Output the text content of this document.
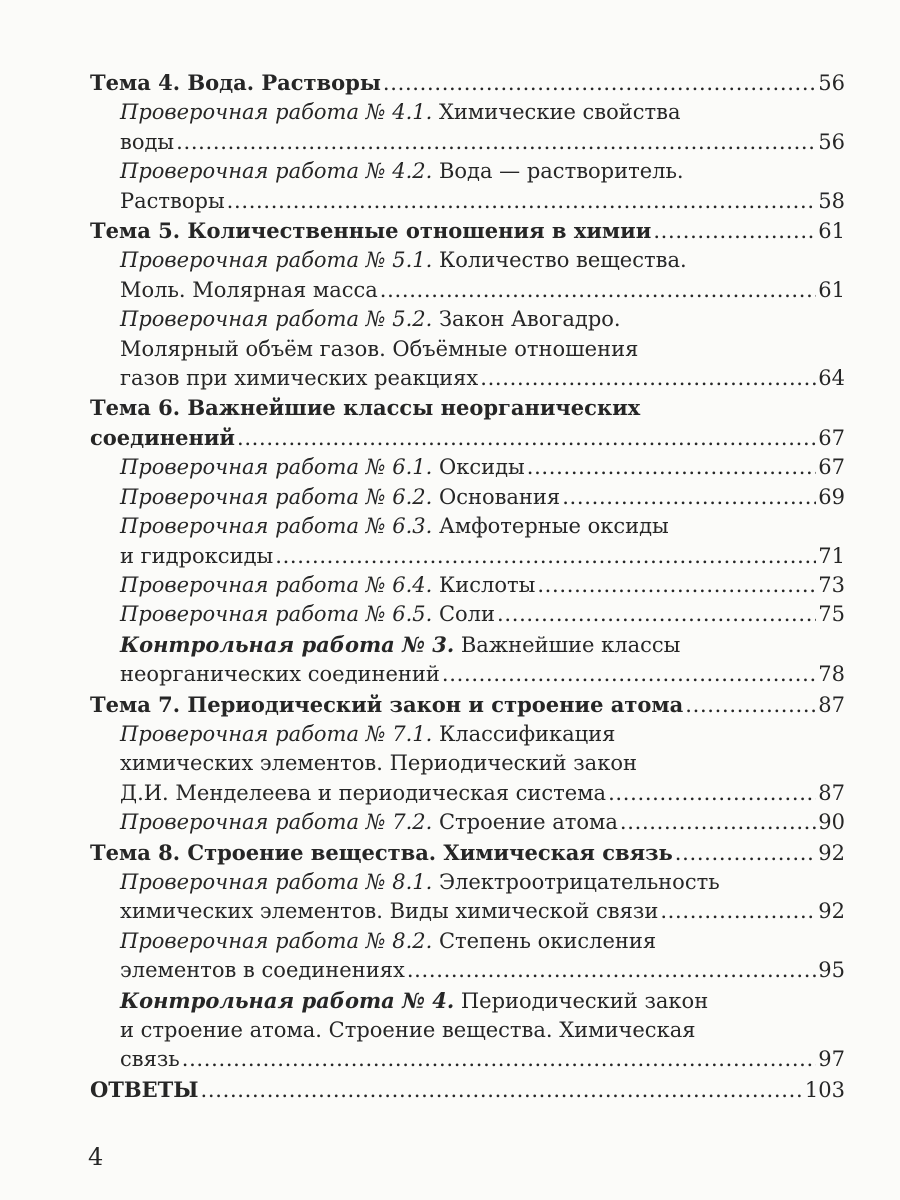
Тема 4. Вода. Растворы . . .	56
Проверочная работа № 4.1. Химические свойства
воды . . .	56
Проверочная работа № 4.2. Вода — растворитель.
Растворы . . .	58
Тема 5. Количественные отношения в химии . . .	61
Проверочная работа № 5.1. Количество вещества.
Моль. Молярная масса . . .	61
Проверочная работа № 5.2. Закон Авогадро.
Молярный объём газов. Объёмные отношения
газов при химических реакциях . . .	64
Тема 6. Важнейшие классы неорганических
соединений . . .	67
Проверочная работа № 6.1. Оксиды . . .	67
Проверочная работа № 6.2. Основания . . .	69
Проверочная работа № 6.3. Амфотерные оксиды
и гидроксиды . . .	71
Проверочная работа № 6.4. Кислоты . . .	73
Проверочная работа № 6.5. Соли . . .	75
Контрольная работа № 3. Важнейшие классы
неорганических соединений . . .	78
Тема 7. Периодический закон и строение атома . . .	87
Проверочная работа № 7.1. Классификация
химических элементов. Периодический закон
Д.И. Менделеева и периодическая система . . .	87
Проверочная работа № 7.2. Строение атома . . .	90
Тема 8. Строение вещества. Химическая связь . . .	92
Проверочная работа № 8.1. Электроотрицательность
химических элементов. Виды химической связи . . .	92
Проверочная работа № 8.2. Степень окисления
элементов в соединениях . . .	95
Контрольная работа № 4. Периодический закон
и строение атома. Строение вещества. Химическая
связь . . .	97
ОТВЕТЫ . . .	103
4
